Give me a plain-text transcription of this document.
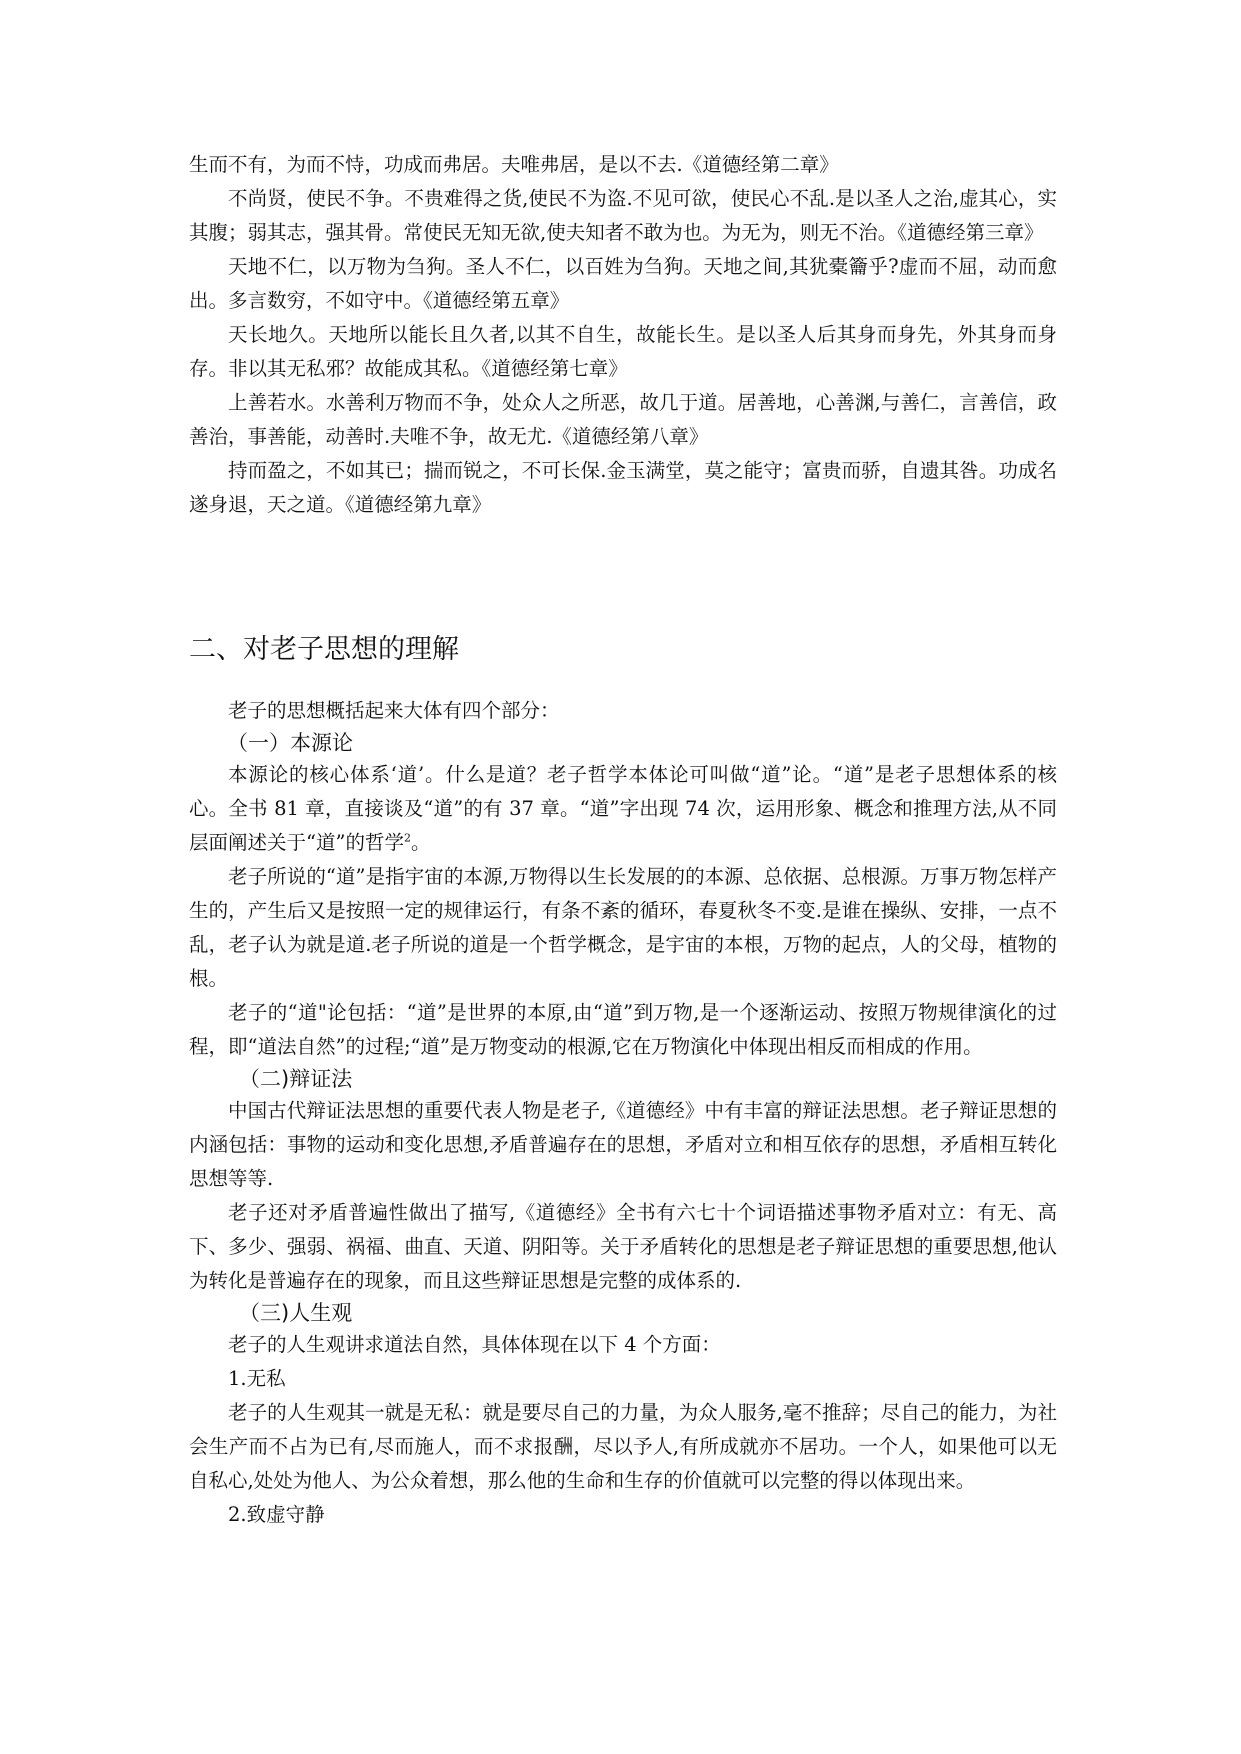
生而不有，为而不恃，功成而弗居。夫唯弗居，是以不去.《道德经第二章》

不尚贤，使民不争。不贵难得之货,使民不为盗.不见可欲，使民心不乱.是以圣人之治,虚其心，实其腹；弱其志，强其骨。常使民无知无欲,使夫知者不敢为也。为无为，则无不治。《道德经第三章》

天地不仁，以万物为刍狗。圣人不仁，以百姓为刍狗。天地之间,其犹橐籥乎?虚而不屈，动而愈出。多言数穷，不如守中。《道德经第五章》

天长地久。天地所以能长且久者,以其不自生，故能长生。是以圣人后其身而身先，外其身而身存。非以其无私邪？故能成其私。《道德经第七章》

上善若水。水善利万物而不争，处众人之所恶，故几于道。居善地，心善渊,与善仁，言善信，政善治，事善能，动善时.夫唯不争，故无尤.《道德经第八章》

持而盈之，不如其已；揣而锐之，不可长保.金玉满堂，莫之能守；富贵而骄，自遗其咎。功成名遂身退，天之道。《道德经第九章》

二、对老子思想的理解

老子的思想概括起来大体有四个部分：

（一）本源论

本源论的核心体系‘道’。什么是道？老子哲学本体论可叫做“道”论。“道”是老子思想体系的核心。全书 81 章，直接谈及“道”的有 37 章。“道”字出现 74 次，运用形象、概念和推理方法,从不同层面阐述关于“道”的哲学$^2$。

老子所说的“道”是指宇宙的本源,万物得以生长发展的的本源、总依据、总根源。万事万物怎样产生的，产生后又是按照一定的规律运行，有条不紊的循环，春夏秋冬不变.是谁在操纵、安排，一点不乱，老子认为就是道.老子所说的道是一个哲学概念，是宇宙的本根，万物的起点，人的父母，植物的根。

老子的“道"论包括：“道”是世界的本原,由“道”到万物,是一个逐渐运动、按照万物规律演化的过程，即“道法自然”的过程;“道”是万物变动的根源,它在万物演化中体现出相反而相成的作用。

（二)辩证法

中国古代辩证法思想的重要代表人物是老子,《道德经》中有丰富的辩证法思想。老子辩证思想的内涵包括：事物的运动和变化思想,矛盾普遍存在的思想，矛盾对立和相互依存的思想，矛盾相互转化思想等等.

老子还对矛盾普遍性做出了描写,《道德经》全书有六七十个词语描述事物矛盾对立：有无、高下、多少、强弱、祸福、曲直、天道、阴阳等。关于矛盾转化的思想是老子辩证思想的重要思想,他认为转化是普遍存在的现象，而且这些辩证思想是完整的成体系的.

（三)人生观

老子的人生观讲求道法自然，具体体现在以下 4 个方面：

1.无私

老子的人生观其一就是无私：就是要尽自己的力量，为众人服务,毫不推辞；尽自己的能力，为社会生产而不占为已有,尽而施人，而不求报酬，尽以予人,有所成就亦不居功。一个人，如果他可以无自私心,处处为他人、为公众着想，那么他的生命和生存的价值就可以完整的得以体现出来。

2.致虚守静
